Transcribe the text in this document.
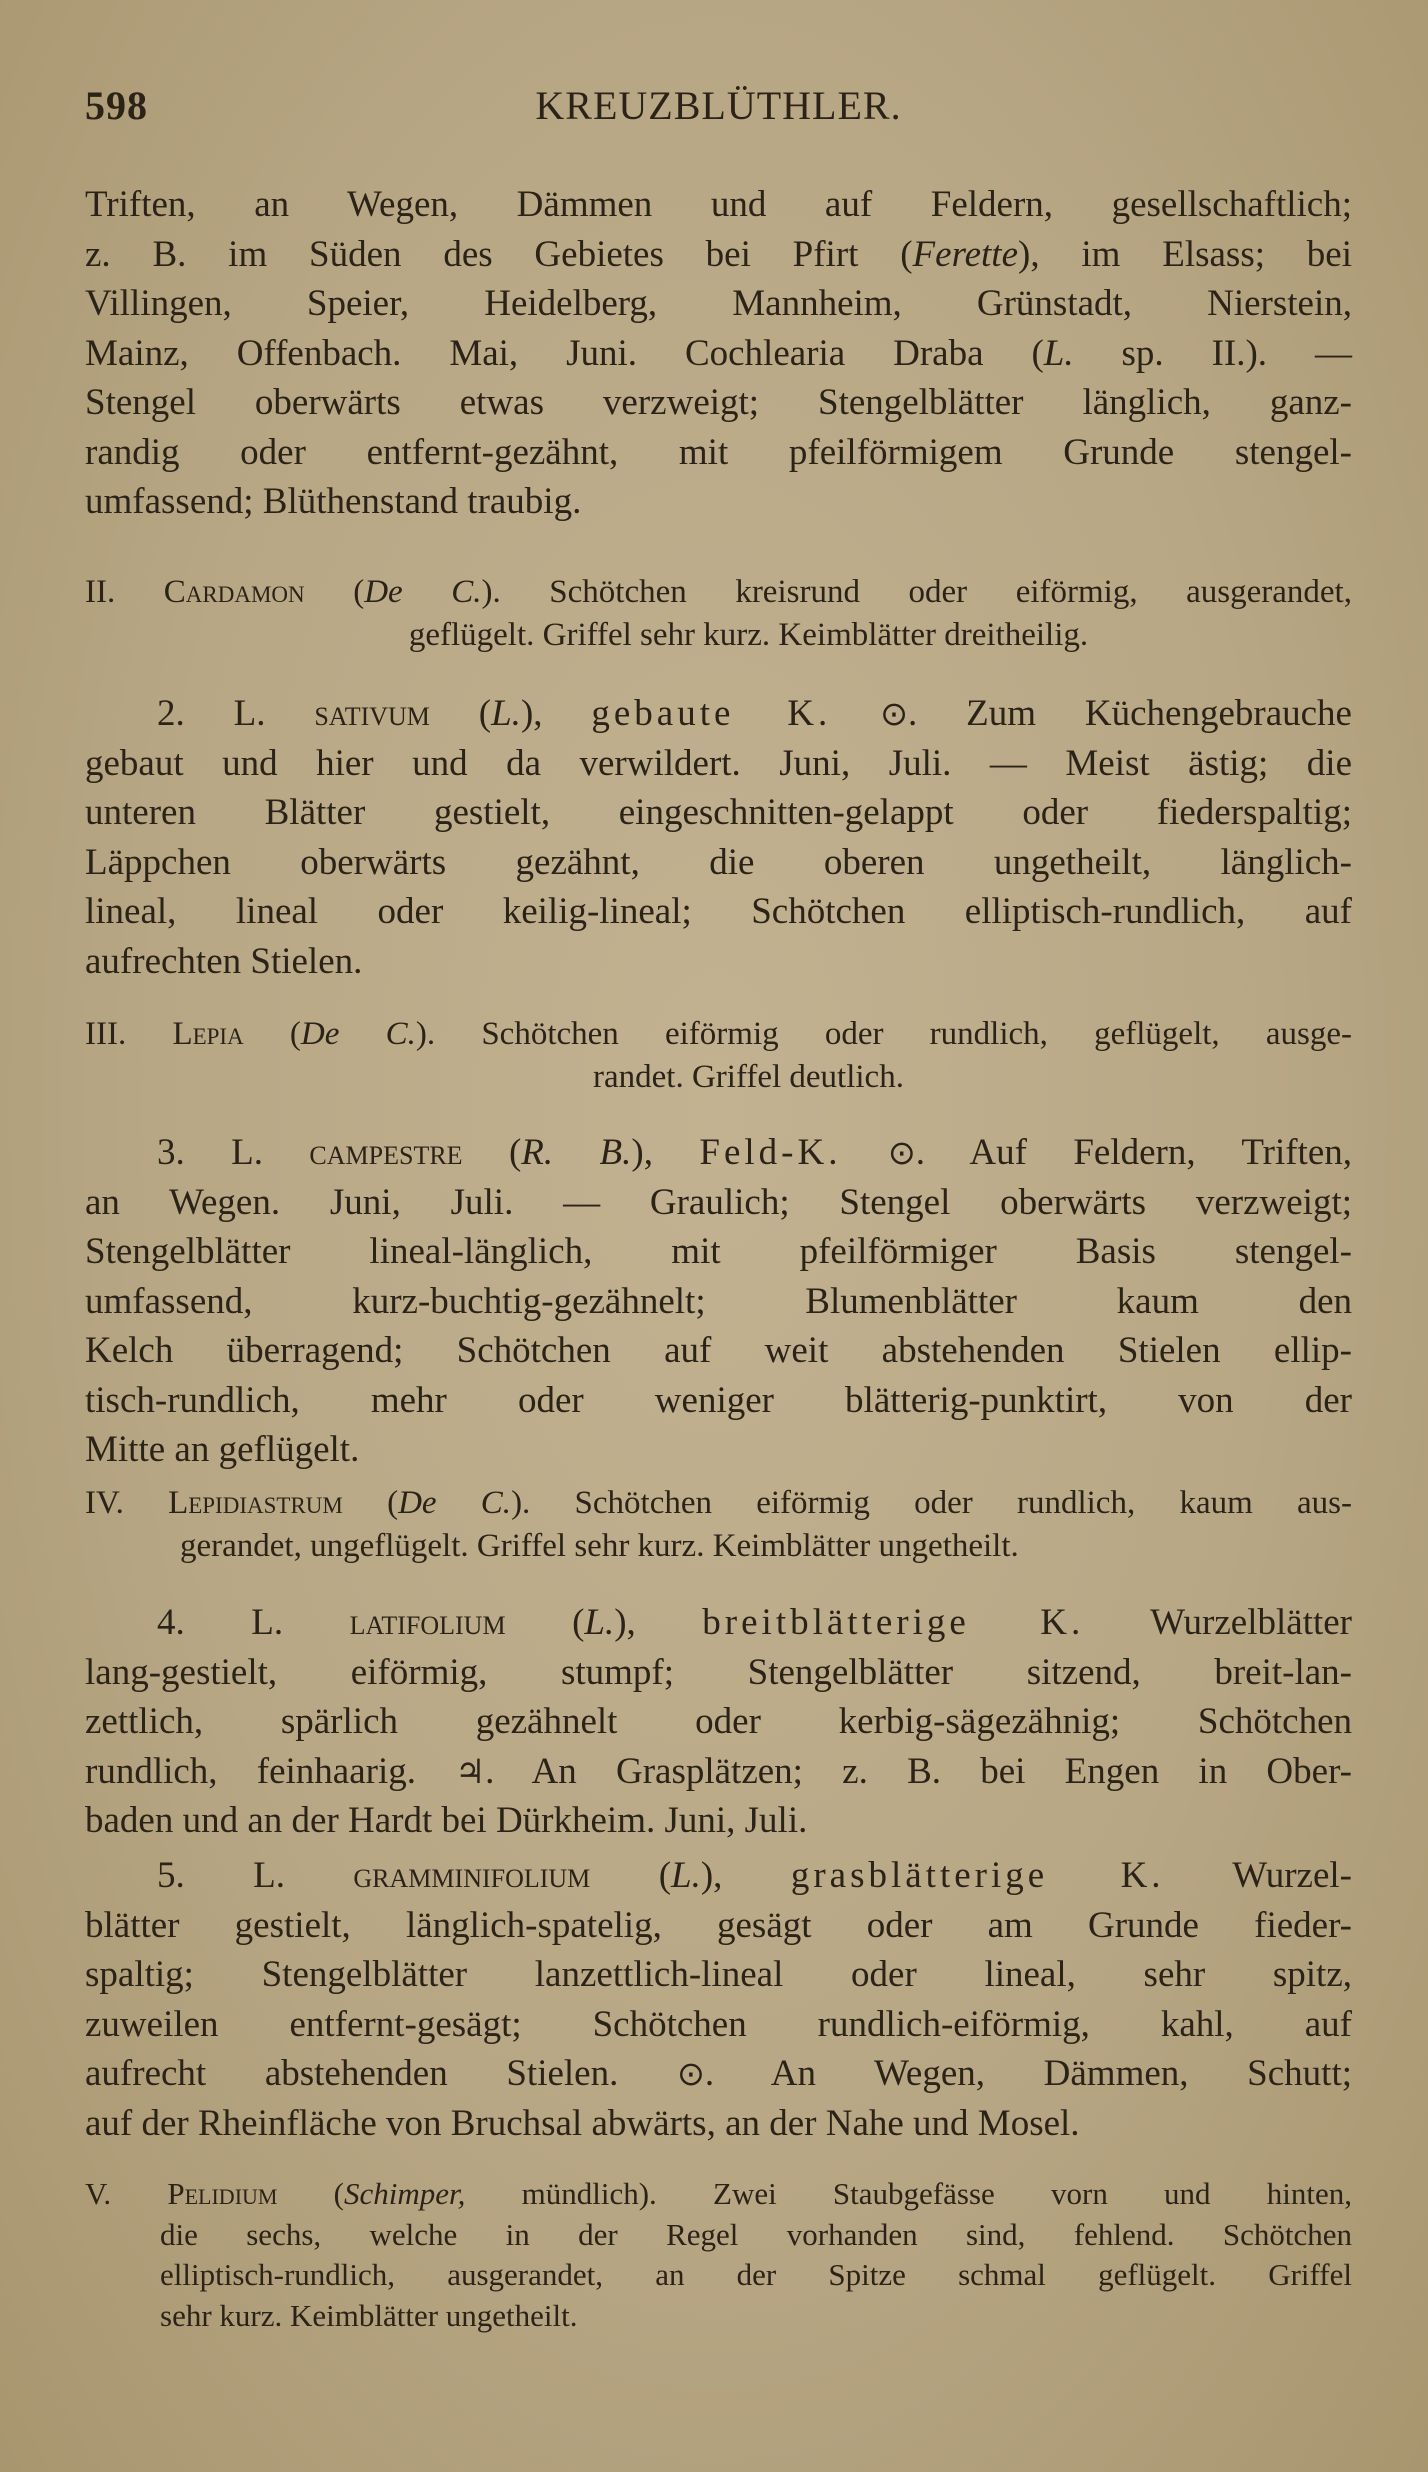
598	KREUZBLÜTHLER.
Triften, an Wegen, Dämmen und auf Feldern, gesellschaftlich;
z. B. im Süden des Gebietes bei Pfirt (Ferette), im Elsass; bei
Villingen, Speier, Heidelberg, Mannheim, Grünstadt, Nierstein,
Mainz, Offenbach. Mai, Juni. Cochlearia Draba (L. sp. II.). —
Stengel oberwärts etwas verzweigt; Stengelblätter länglich, ganz-
randig oder entfernt-gezähnt, mit pfeilförmigem Grunde stengel-
umfassend; Blüthenstand traubig.
II. Cardamon (De C.). Schötchen kreisrund oder eiförmig, ausgerandet,
geflügelt. Griffel sehr kurz. Keimblätter dreitheilig.
2. L. sativum (L.), gebaute K. ⊙. Zum Küchengebrauche
gebaut und hier und da verwildert. Juni, Juli. — Meist ästig; die
unteren Blätter gestielt, eingeschnitten-gelappt oder fiederspaltig;
Läppchen oberwärts gezähnt, die oberen ungetheilt, länglich-
lineal, lineal oder keilig-lineal; Schötchen elliptisch-rundlich, auf
aufrechten Stielen.
III. Lepia (De C.). Schötchen eiförmig oder rundlich, geflügelt, ausge-
randet. Griffel deutlich.
3. L. campestre (R. B.), Feld-K. ⊙. Auf Feldern, Triften,
an Wegen. Juni, Juli. — Graulich; Stengel oberwärts verzweigt;
Stengelblätter lineal-länglich, mit pfeilförmiger Basis stengel-
umfassend, kurz-buchtig-gezähnelt; Blumenblätter kaum den
Kelch überragend; Schötchen auf weit abstehenden Stielen ellip-
tisch-rundlich, mehr oder weniger blätterig-punktirt, von der
Mitte an geflügelt.
IV. Lepidiastrum (De C.). Schötchen eiförmig oder rundlich, kaum aus-
gerandet, ungeflügelt. Griffel sehr kurz. Keimblätter ungetheilt.
4. L. latifolium (L.), breitblätterige K. Wurzelblätter
lang-gestielt, eiförmig, stumpf; Stengelblätter sitzend, breit-lan-
zettlich, spärlich gezähnelt oder kerbig-sägezähnig; Schötchen
rundlich, feinhaarig. ♃. An Grasplätzen; z. B. bei Engen in Ober-
baden und an der Hardt bei Dürkheim. Juni, Juli.
5. L. gramminifolium (L.), grasblätterige K. Wurzel-
blätter gestielt, länglich-spatelig, gesägt oder am Grunde fieder-
spaltig; Stengelblätter lanzettlich-lineal oder lineal, sehr spitz,
zuweilen entfernt-gesägt; Schötchen rundlich-eiförmig, kahl, auf
aufrecht abstehenden Stielen. ⊙. An Wegen, Dämmen, Schutt;
auf der Rheinfläche von Bruchsal abwärts, an der Nahe und Mosel.
V. Pelidium (Schimper, mündlich). Zwei Staubgefässe vorn und hinten,
die sechs, welche in der Regel vorhanden sind, fehlend. Schötchen
elliptisch-rundlich, ausgerandet, an der Spitze schmal geflügelt. Griffel
sehr kurz. Keimblätter ungetheilt.
